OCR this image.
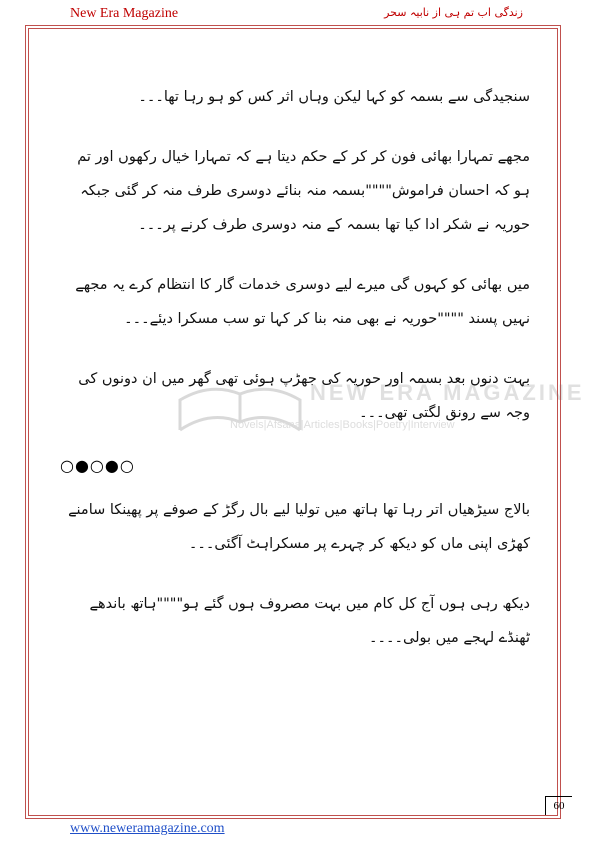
New Era Magazine	زندگی اب تم ہی از نابیہ سحر
NEW ERA MAGAZINE
Novels|Afsana|Articles|Books|Poetry|Interview

سنجیدگی سے بسمہ کو کہا لیکن وہاں اثر کس کو ہو رہا تھا۔۔۔

مجھے تمہارا بھائی فون کر کر کے حکم دیتا ہے کہ تمہارا خیال رکھوں اور تم ہو کہ احسان فراموش""""بسمہ منہ بنائے دوسری طرف منہ کر گئی جبکہ حوریہ نے شکر ادا کیا تھا بسمہ کے منہ دوسری طرف کرنے پر۔۔۔

میں بھائی کو کہوں گی میرے لیے دوسری خدمات گار کا انتظام کرے یہ مجھے نہیں پسند """"حوریہ نے بھی منہ بنا کر کہا تو سب مسکرا دیئے۔۔۔

بہت دنوں بعد بسمہ اور حوریہ کی جھڑپ ہوئی تھی گھر میں ان دونوں کی وجہ سے رونق لگتی تھی۔۔۔

○●○●○

بالاج سیڑھیاں اتر رہا تھا ہاتھ میں تولیا لیے بال رگڑ کے صوفے پر پھینکا سامنے کھڑی اپنی ماں کو دیکھ کر چہرے پر مسکراہٹ آگئی۔۔۔

دیکھ رہی ہوں آج کل کام میں بہت مصروف ہوں گئے ہو""""ہاتھ باندھے ٹھنڈے لہجے میں بولی۔۔۔۔

60
www.neweramagazine.com
